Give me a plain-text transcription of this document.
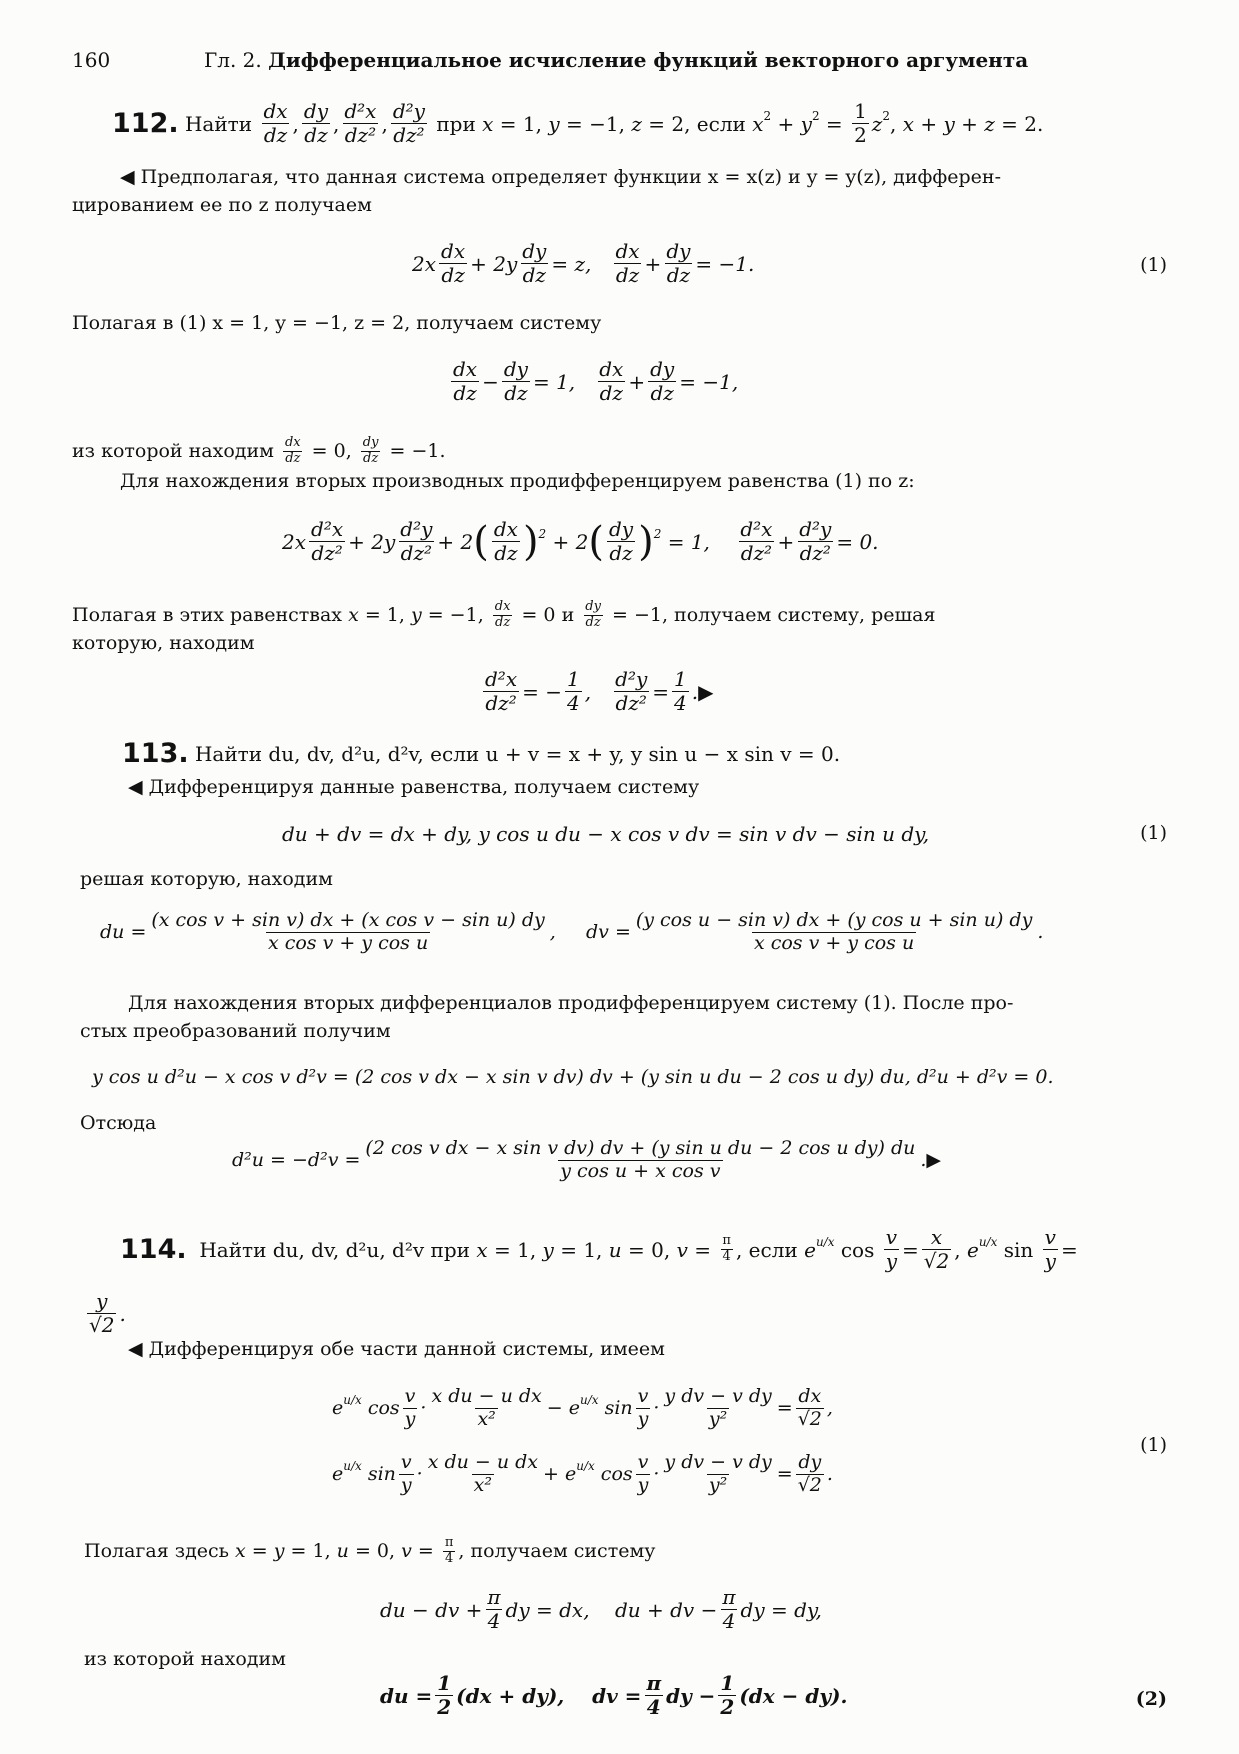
160	Гл. 2. Дифференциальное исчисление функций векторного аргумента
112.
Найти
$\frac{dx}{dz}$ , $\frac{dy}{dz}$ , $\frac{\text{d²x}}{\text{dz²}}$ , $\frac{\text{d²y}}{\text{dz²}}$
при
x = 1, y = −1, z = 2, если x 2 + y $2 = \frac{1}{2}$ z 2 , x + y + z = 2.
◀ Предполагая, что данная система определяет функции x = x(z) и y = y(z), дифферен-
цированием ее по z получаем
2 x $\frac{dx}{dz} + 2y \frac{dy}{dz} = z$, $\frac{dx}{dz} + \frac{dy}{dz} = -1$.	(1)
Полагая в (1) x = 1, y = −1, z = 2, получаем систему
$\frac{dx}{dz} - \frac{dy}{dz} = 1$, $\frac{dx}{dz} + \frac{dy}{dz} = -1$,
из которой находим $\frac{dx}{dz} = 0$, $\frac{dy}{dz} = -1$.
Для нахождения вторых производных продифференцируем равенства (1) по z:
$2x \frac{\text{d²x}}{\text{dz²}} + 2y \frac{\text{d²y}}{\text{dz²}} + 2$ ( $\frac{dx}{dz}$ ) 2 + 2 ( $\frac{dy}{dz}$ ) 2 = 1, $\frac{\text{d²x}}{\text{dz²}} + \frac{\text{d²y}}{\text{dz²}} = 0$.
Полагая в этих равенствах x = 1, y = −1, $\frac{dx}{dz} = 0$ и $\frac{dy}{dz} = -1$, получаем систему, решая
которую, находим
$\frac{\text{d²x}}{\text{dz²}}$ = − $\frac{1}{4}$ , $\frac{\text{d²y}}{\text{dz²}} = \frac{1}{4}$ . ▶
113.
Найти du, dv, d²u, d²v, если u + v = x + y, y sin u − x sin v = 0.
◀ Дифференцируя данные равенства, получаем систему
du + dv = dx + dy, y cos u du − x cos v dv = sin v dv − sin u dy,	(1)
решая которую, находим
du = $\frac{\text{(x cos v + sin v) dx + (x cos v − sin u) dy}}{\text{x cos v + y cos u}}$ ,     dv = $\frac{\text{(y cos u − sin v) dx + (y cos u + sin u) dy}}{\text{x cos v + y cos u}}$ .
Для нахождения вторых дифференциалов продифференцируем систему (1). После про-
стых преобразований получим
y cos u d²u − x cos v d²v = (2 cos v dx − x sin v dv) dv + (y sin u du − 2 cos u dy) du, d²u + d²v = 0.
Отсюда
$d^2u = -d^2v = \frac{\text{(2 cos v dx − x sin v dv) dv + (y sin u du − 2 cos u dy) du}}{\text{y cos u + x cos v}}$ . ▶
114. Найти du, dv, d²u, d²v при x = 1, y = 1, u = 0, $v = \frac{\pi}{4}$ , если e u/x $\cos \frac{v}{y} = \frac{x}{√2}$ , e u/x $\sin \frac{v}{y}$ =
$\frac{y}{√2}$ .
◀ Дифференцируя обе части данной системы, имеем
e u/x $\cos \frac{v}{y} \cdot \frac{\text{x du − u dx}}{\text{x²}} - e$ u/x $\sin \frac{v}{y} \cdot \frac{\text{y dv − v dy}}{\text{y²}} = \frac{dx}{√2}$ ,
e u/x $\sin \frac{v}{y} \cdot \frac{\text{x du − u dx}}{\text{x²}} + e$ u/x $\cos \frac{v}{y} \cdot \frac{\text{y dv − v dy}}{\text{y²}} = \frac{dy}{√2}$ .
(1)
Полагая здесь x = y = 1, u = 0, $v = \frac{\pi}{4}$ , получаем систему
du − dv + $\frac{\pi}{4}$ dy = dx,    du + dv − $\frac{\pi}{4}$ dy = dy,
из которой находим
du = $\frac{1}{2} (dx + dy)$,    dv = $\frac{\pi}{4}$ dy − $\frac{1}{2} (dx - dy)$.	(2)
